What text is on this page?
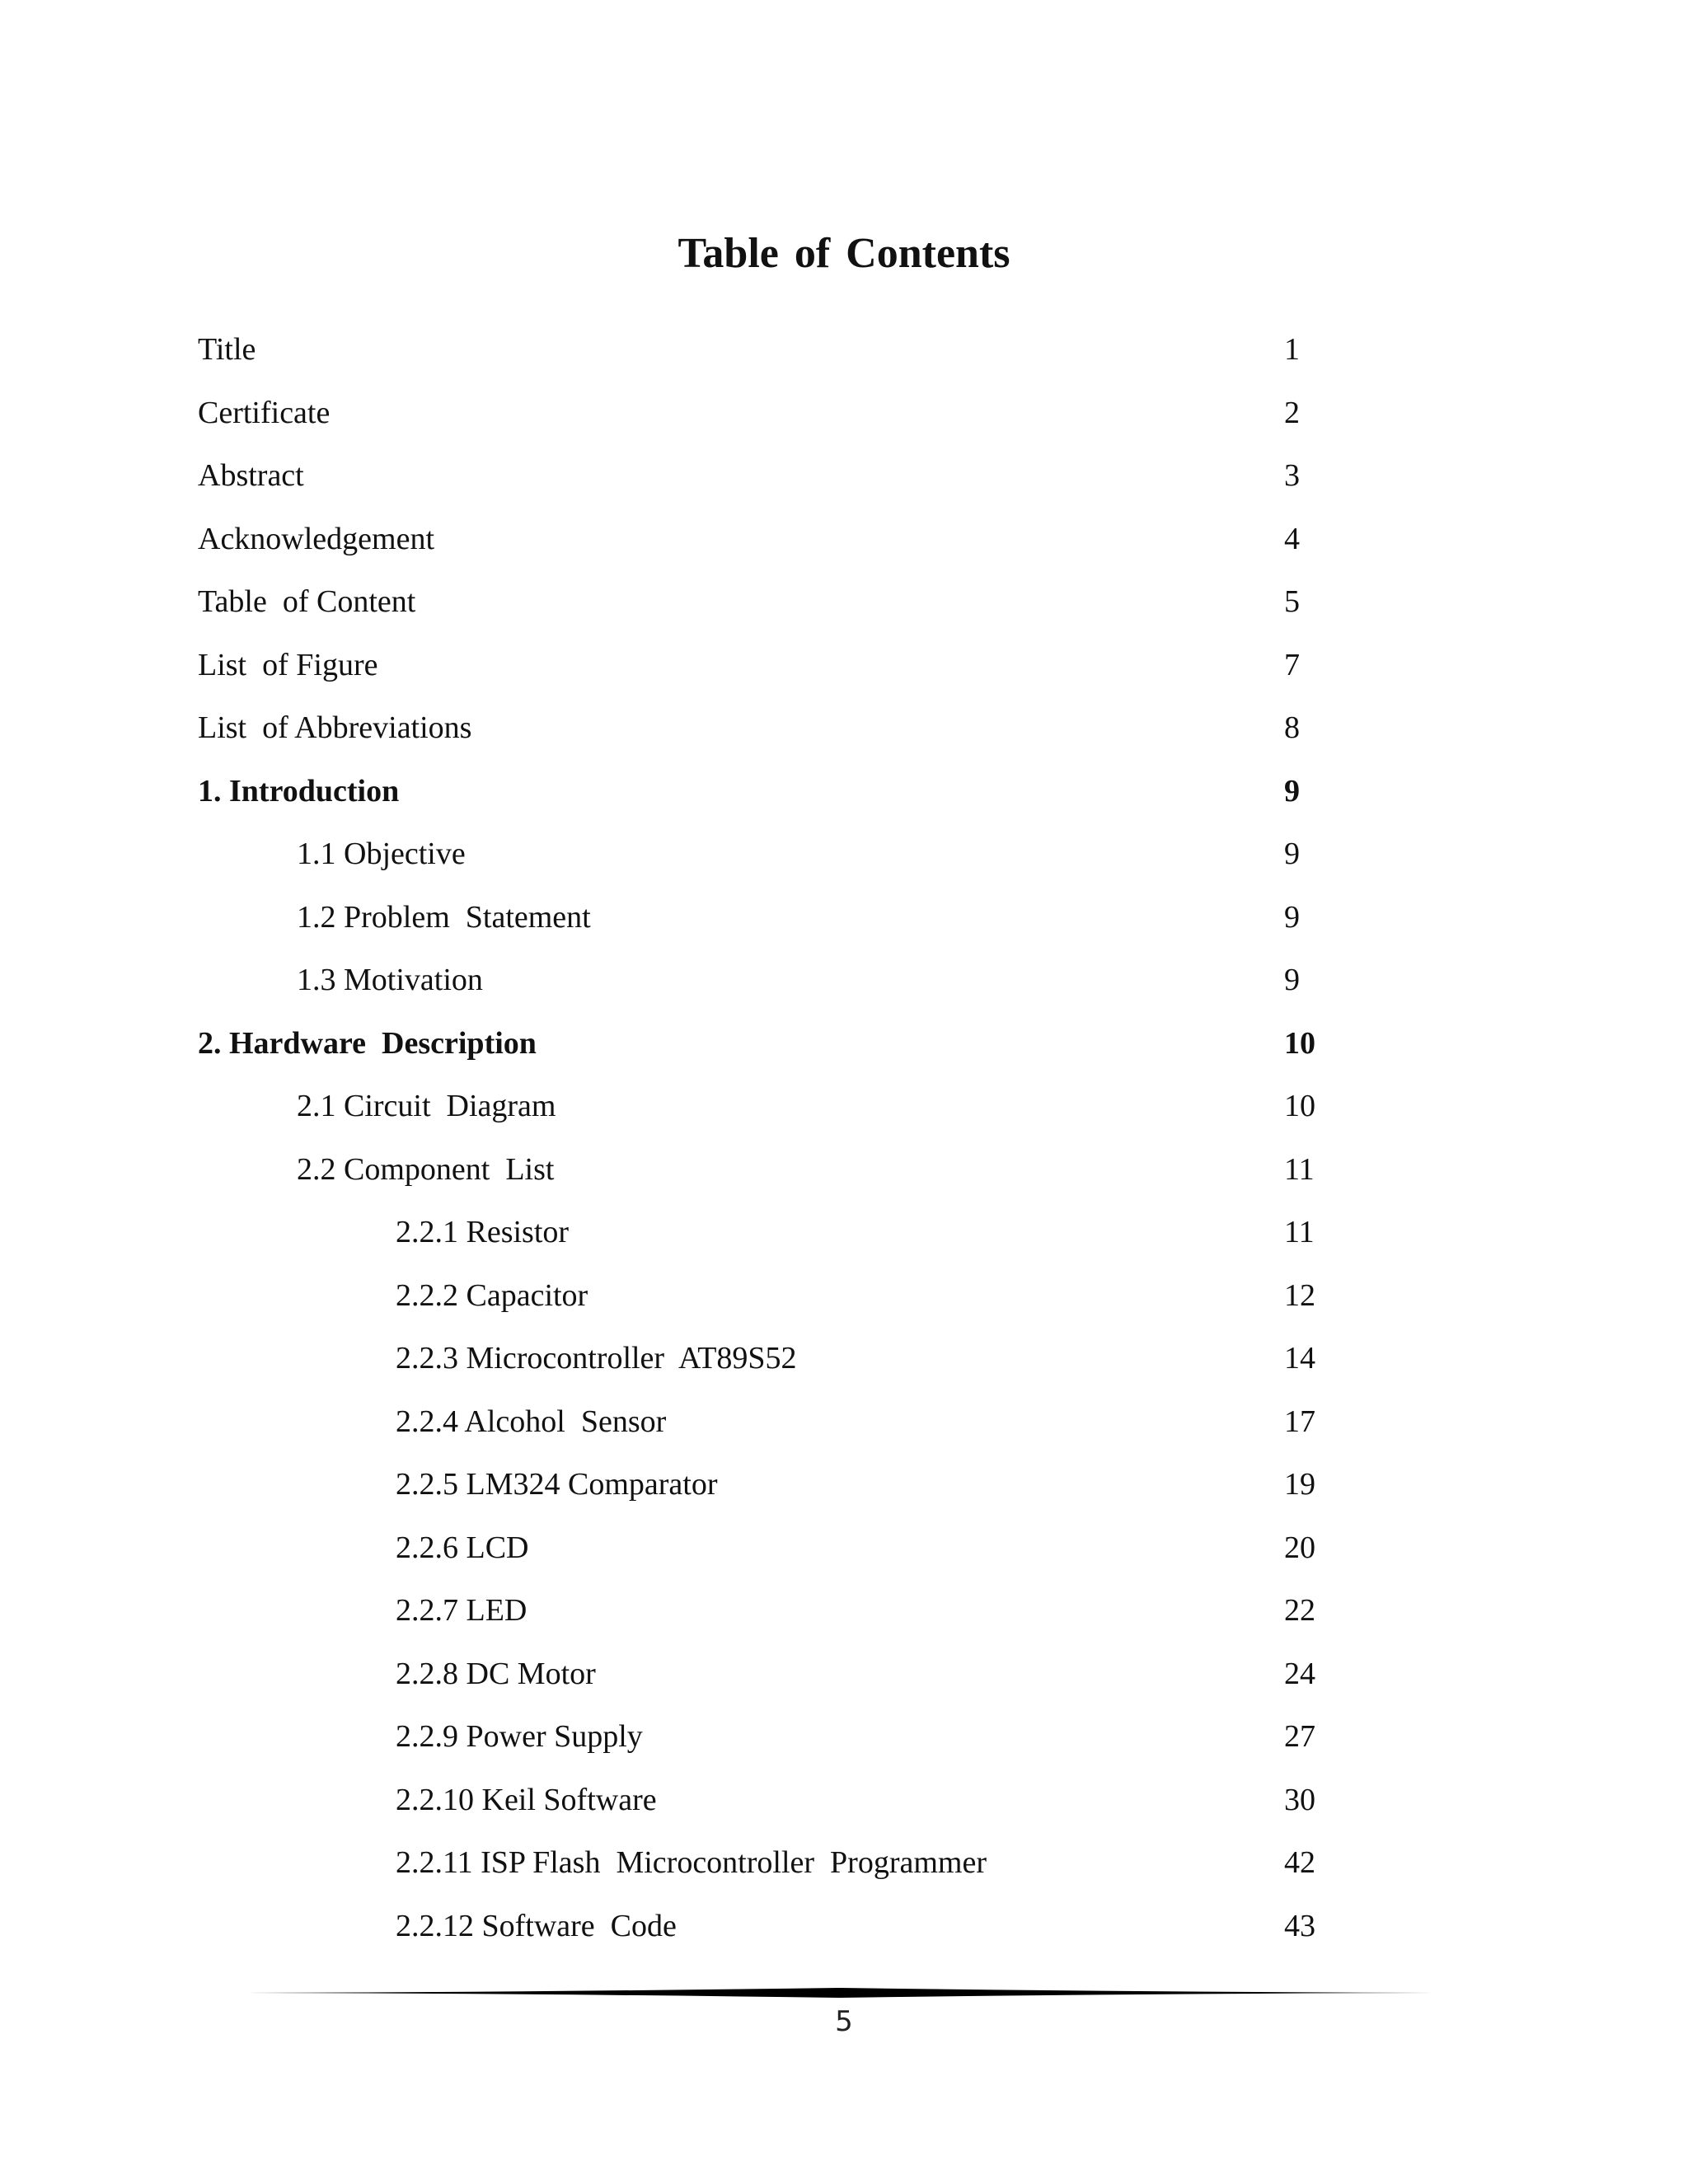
Table of Contents
Title	1
Certificate	2
Abstract	3
Acknowledgement	4
Table  of Content	5
List  of Figure	7
List  of Abbreviations	8
1. Introduction	9
1.1 Objective	9
1.2 Problem  Statement	9
1.3 Motivation	9
2. Hardware  Description	10
2.1 Circuit  Diagram	10
2.2 Component  List	11
2.2.1 Resistor	11
2.2.2 Capacitor	12
2.2.3 Microcontroller  AT89S52	14
2.2.4 Alcohol  Sensor	17
2.2.5 LM324 Comparator	19
2.2.6 LCD	20
2.2.7 LED	22
2.2.8 DC Motor	24
2.2.9 Power Supply	27
2.2.10 Keil Software	30
2.2.11 ISP Flash  Microcontroller  Programmer	42
2.2.12 Software  Code	43
5
